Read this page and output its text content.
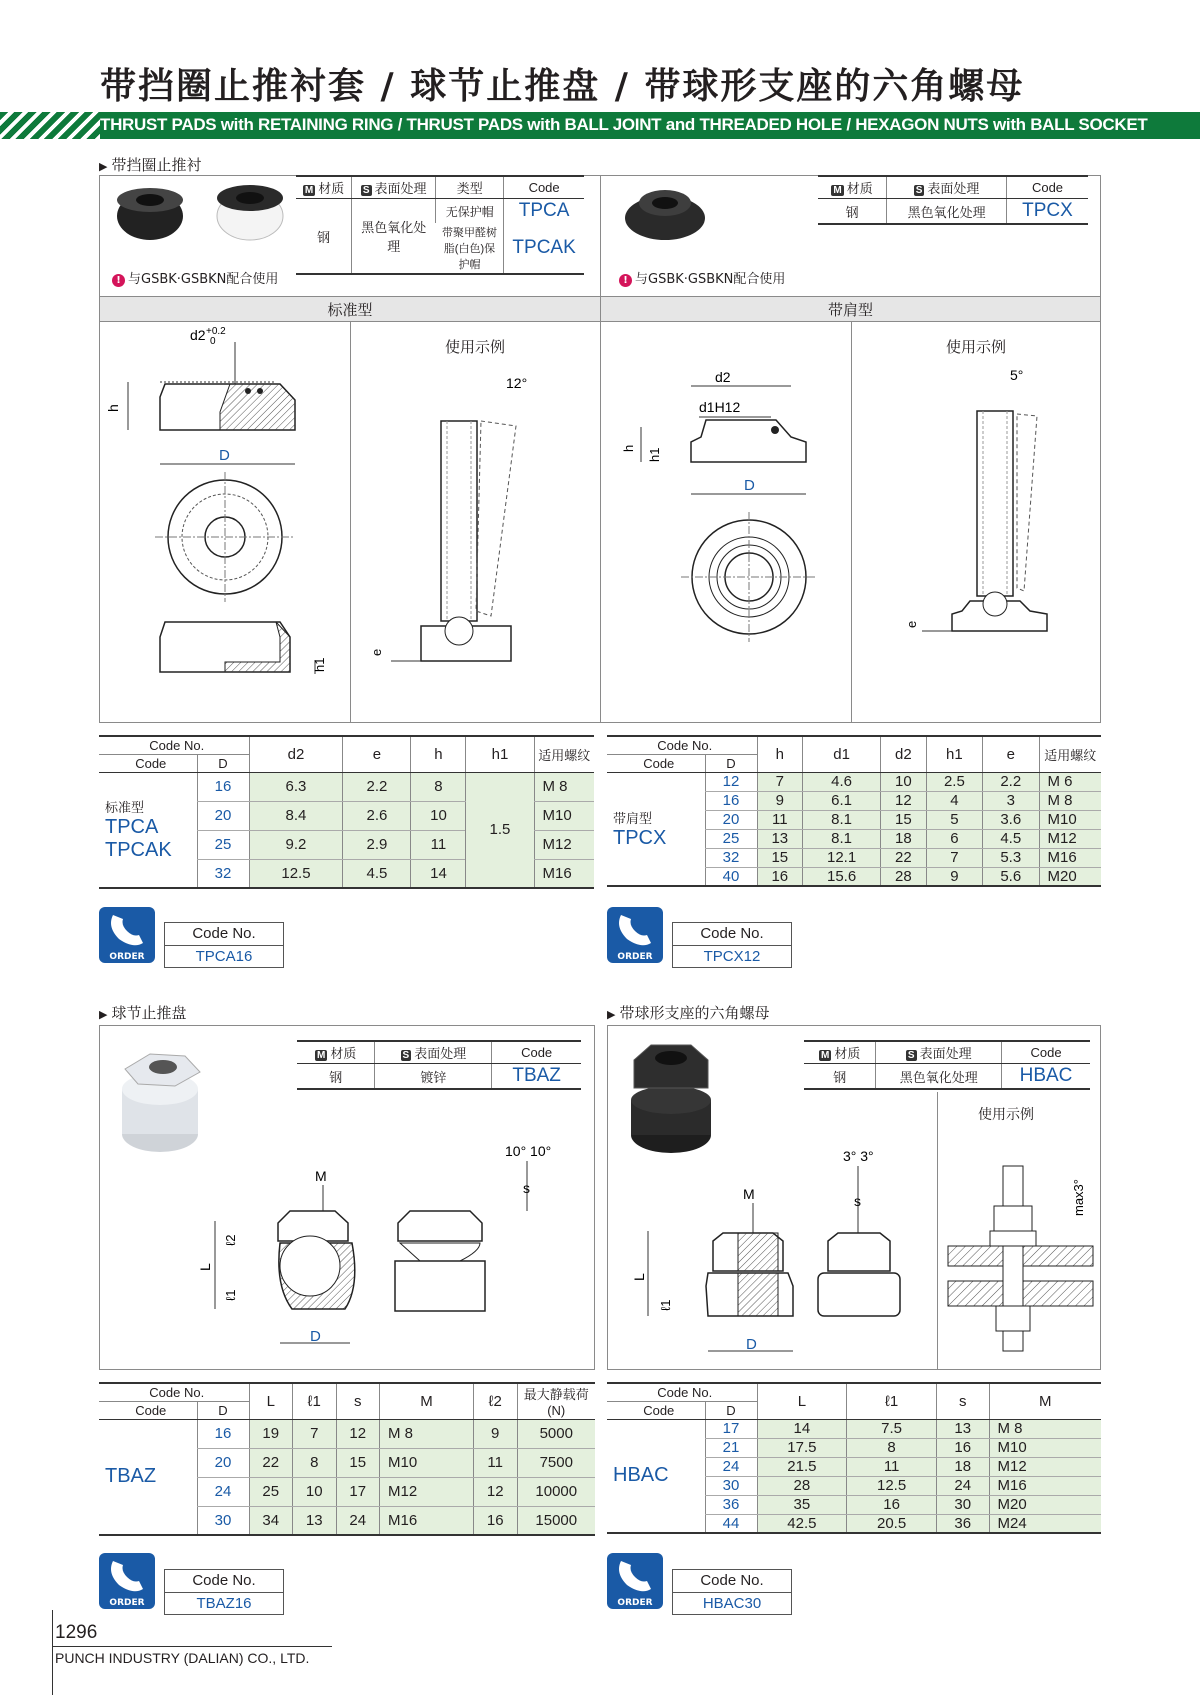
带挡圈止推衬套 / 球节止推盘 / 带球形支座的六角螺母
THRUST PADS with RETAINING RING / THRUST PADS with BALL JOINT and THREADED HOLE / HEXAGON NUTS with BALL SOCKET
▶ 带挡圈止推衬
M 材质	S 表面处理	类型	Code
钢	黑色氧化处理	无保护帽	TPCA
		带聚甲醛树脂(白色)保护帽	TPCAK
! 与GSBK·GSBKN配合使用
M 材质	S 表面处理	Code
钢	黑色氧化处理	TPCX
! 与GSBK·GSBKN配合使用
标准型	带肩型
d2 +0.2
0
h
D
h1
使用示例
12°
e
d2
d1H12
h h1
D
使用示例
5°
e
Code No.		d2	e	h	h1	适用螺纹
Code	D					

标准型
TPCA
TPCAK	16	6.3	2.2	8	1.5	M 8
	20	8.4	2.6	10		M10
	25	9.2	2.9	11		M12
	32	12.5	4.5	14		M16
Code No.		h	d1	d2	h1	e	适用螺纹
Code	D						

带肩型
TPCX	12	7	4.6	10	2.5	2.2	M 6
	16	9	6.1	12	4	3	M 8
	20	11	8.1	15	5	3.6	M10
	25	13	8.1	18	6	4.5	M12
	32	15	12.1	22	7	5.3	M16
	40	16	15.6	28	9	5.6	M20
ORDER
Code No.
TPCA16	ORDER
Code No.
TPCX12
▶ 球节止推盘	▶ 带球形支座的六角螺母
M 材质	S 表面处理	Code
钢	镀锌	TBAZ
10° 10°
M
L
ℓ2
ℓ1
D
s
M 材质	S 表面处理	Code
钢	黑色氧化处理	HBAC
使用示例
3° 3°
M
L
ℓ1
D
s	max3°
Code No.		L	ℓ1	s	M	ℓ2	最大静载荷(N)
Code	D						

TBAZ	16	19	7	12	M 8	9	5000
	20	22	8	15	M10	11	7500
	24	25	10	17	M12	12	10000
	30	34	13	24	M16	16	15000
Code No.		L	ℓ1	s	M
Code	D				

HBAC	17	14	7.5	13	M 8
	21	17.5	8	16	M10
	24	21.5	11	18	M12
	30	28	12.5	24	M16
	36	35	16	30	M20
	44	42.5	20.5	36	M24
ORDER
Code No.
TBAZ16	ORDER
Code No.
HBAC30
1296
PUNCH INDUSTRY (DALIAN) CO., LTD.
